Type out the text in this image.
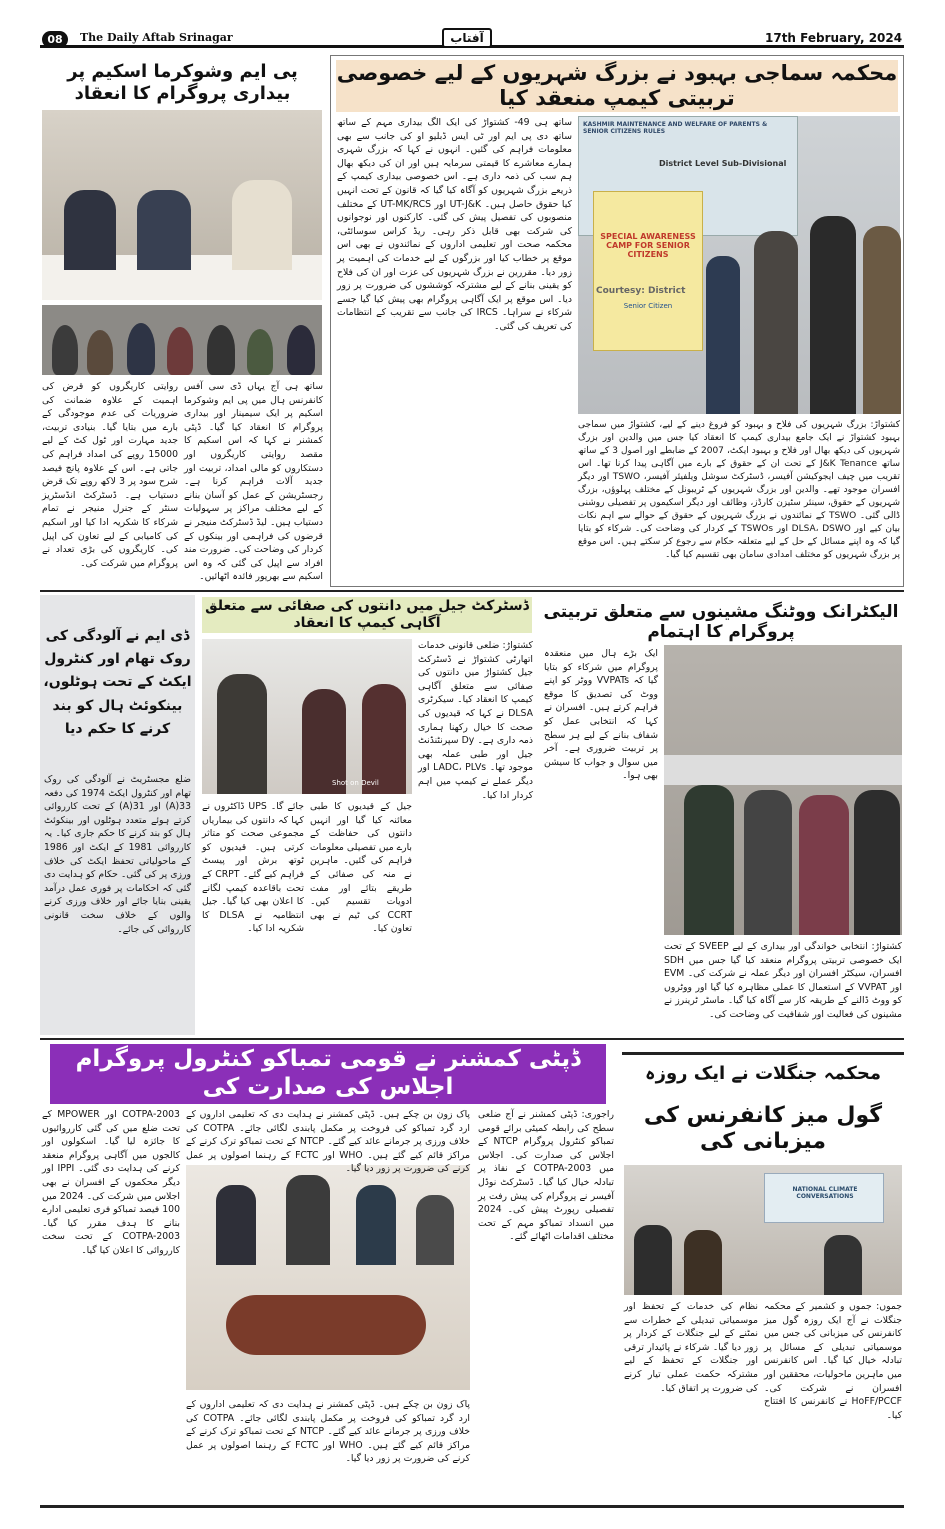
08	The Daily Aftab Srinagar	آفتاب	17th February, 2024
محکمہ سماجی بہبود نے بزرگ شہریوں کے لیے خصوصی تربیتی کیمپ منعقد کیا
KASHMIR MAINTENANCE AND WELFARE OF PARENTS & SENIOR CITIZENS RULES
District Level Sub-Divisional
SPECIAL AWARENESS CAMP FOR SENIOR CITIZENS
Senior Citizen
Courtesy: District
کشتواڑ: بزرگ شہریوں کی فلاح و بہبود کو فروغ دینے کے لیے، کشتواڑ میں سماجی بہبود کشتواڑ نے ایک جامع بیداری کیمپ کا انعقاد کیا جس میں والدین اور بزرگ شہریوں کی دیکھ بھال اور فلاح و بہبود ایکٹ، 2007 کے ضابطے اور اصول 3 کے ساتھ ساتھ J&K Tenance کے تحت ان کے حقوق کے بارے میں آگاہی پیدا کرنا تھا۔ اس تقریب میں چیف ایجوکیشن آفیسر، ڈسٹرکٹ سوشل ویلفیئر آفیسر، TSWO اور دیگر افسران موجود تھے۔ والدین اور بزرگ شہریوں کے ٹریبونل کے مختلف پہلوؤں، بزرگ شہریوں کے حقوق، سینئر سٹیزن کارڈز، وظائف اور دیگر اسکیموں پر تفصیلی روشنی ڈالی گئی۔ TSWO کے نمائندوں نے بزرگ شہریوں کے حقوق کے حوالے سے اہم نکات بیان کیے اور DLSA، DSWO اور TSWOs کے کردار کی وضاحت کی۔ شرکاء کو بتایا گیا کہ وہ اپنے مسائل کے حل کے لیے متعلقہ حکام سے رجوع کر سکتے ہیں۔ اس موقع پر بزرگ شہریوں کو مختلف امدادی سامان بھی تقسیم کیا گیا۔
ساتھ ہی 49- کشتواڑ کی ایک الگ بیداری مہم کے ساتھ ساتھ دی پی ایم اور ٹی ایس ڈبلیو او کی جانب سے بھی معلومات فراہم کی گئیں۔ انہوں نے کہا کہ بزرگ شہری ہمارے معاشرے کا قیمتی سرمایہ ہیں اور ان کی دیکھ بھال ہم سب کی ذمہ داری ہے۔ اس خصوصی بیداری کیمپ کے ذریعے بزرگ شہریوں کو آگاہ کیا گیا کہ قانون کے تحت انہیں کیا حقوق حاصل ہیں۔ UT-J&K اور UT-MK/RCS کے مختلف منصوبوں کی تفصیل پیش کی گئی۔ کارکنوں اور نوجوانوں کی شرکت بھی قابل ذکر رہی۔ ریڈ کراس سوسائٹی، محکمہ صحت اور تعلیمی اداروں کے نمائندوں نے بھی اس موقع پر خطاب کیا اور بزرگوں کے لیے خدمات کی اہمیت پر زور دیا۔ مقررین نے بزرگ شہریوں کی عزت اور ان کی فلاح کو یقینی بنانے کے لیے مشترکہ کوششوں کی ضرورت پر زور دیا۔ اس موقع پر ایک آگاہی پروگرام بھی پیش کیا گیا جسے شرکاء نے سراہا۔ IRCS کی جانب سے تقریب کے انتظامات کی تعریف کی گئی۔
پی ایم وشوکرما اسکیم پر بیداری پروگرام کا انعقاد
ساتھ ہی آج یہاں ڈی سی آفس کانفرنس ہال میں پی ایم وشوکرما اسکیم پر ایک سیمینار اور بیداری پروگرام کا انعقاد کیا گیا۔ ڈپٹی کمشنر نے کہا کہ اس اسکیم کا مقصد روایتی کاریگروں اور دستکاروں کو مالی امداد، تربیت اور جدید آلات فراہم کرنا ہے۔ رجسٹریشن کے عمل کو آسان بنانے کے لیے مختلف مراکز پر سہولیات دستیاب ہیں۔ لیڈ ڈسٹرکٹ منیجر نے قرضوں کی فراہمی اور بینکوں کے کردار کی وضاحت کی۔ ضرورت مند افراد سے اپیل کی گئی کہ وہ اس اسکیم سے بھرپور فائدہ اٹھائیں۔
روایتی کاریگروں کو قرض کی اہمیت کے علاوہ ضمانت کی ضروریات کی عدم موجودگی کے بارے میں بتایا گیا۔ بنیادی تربیت، جدید مہارت اور ٹول کٹ کے لیے 15000 روپے کی امداد فراہم کی جاتی ہے۔ اس کے علاوہ پانچ فیصد شرح سود پر 3 لاکھ روپے تک قرض دستیاب ہے۔ ڈسٹرکٹ انڈسٹریز سنٹر کے جنرل منیجر نے تمام شرکاء کا شکریہ ادا کیا اور اسکیم کی کامیابی کے لیے تعاون کی اپیل کی۔ کاریگروں کی بڑی تعداد نے پروگرام میں شرکت کی۔
الیکٹرانک ووٹنگ مشینوں سے متعلق تربیتی پروگرام کا اہتمام
کشتواڑ: انتخابی خواندگی اور بیداری کے لیے SVEEP کے تحت ایک خصوصی تربیتی پروگرام منعقد کیا گیا جس میں SDH افسران، سیکٹر افسران اور دیگر عملہ نے شرکت کی۔ EVM اور VVPAT کے استعمال کا عملی مظاہرہ کیا گیا اور ووٹروں کو ووٹ ڈالنے کے طریقہ کار سے آگاہ کیا گیا۔ ماسٹر ٹرینرز نے مشینوں کی فعالیت اور شفافیت کی وضاحت کی۔
ایک بڑے ہال میں منعقدہ پروگرام میں شرکاء کو بتایا گیا کہ VVPATs ووٹر کو اپنے ووٹ کی تصدیق کا موقع فراہم کرتے ہیں۔ افسران نے کہا کہ انتخابی عمل کو شفاف بنانے کے لیے ہر سطح پر تربیت ضروری ہے۔ آخر میں سوال و جواب کا سیشن بھی ہوا۔
ڈسٹرکٹ جیل میں دانتوں کی صفائی سے متعلق آگاہی کیمپ کا انعقاد
Shot on Devil
کشتواڑ: ضلعی قانونی خدمات اتھارٹی کشتواڑ نے ڈسٹرکٹ جیل کشتواڑ میں دانتوں کی صفائی سے متعلق آگاہی کیمپ کا انعقاد کیا۔ سیکرٹری DLSA نے کہا کہ قیدیوں کی صحت کا خیال رکھنا ہماری ذمہ داری ہے۔ Dy سپرنٹنڈنٹ جیل اور طبی عملہ بھی موجود تھا۔ LADC، PLVs اور دیگر عملے نے کیمپ میں اہم کردار ادا کیا۔
جیل کے قیدیوں کا طبی معائنہ کیا گیا اور انہیں دانتوں کی حفاظت کے بارے میں تفصیلی معلومات فراہم کی گئیں۔ ماہرین نے منہ کی صفائی کے طریقے بتائے اور مفت ادویات تقسیم کیں۔ CCRT کی ٹیم نے بھی تعاون کیا۔
جائے گا۔ UPS ڈاکٹروں نے کہا کہ دانتوں کی بیماریاں مجموعی صحت کو متاثر کرتی ہیں۔ قیدیوں کو ٹوتھ برش اور پیسٹ فراہم کیے گئے۔ CRPT کے تحت باقاعدہ کیمپ لگانے کا اعلان بھی کیا گیا۔ جیل انتظامیہ نے DLSA کا شکریہ ادا کیا۔
ڈی ایم نے آلودگی کی روک تھام اور کنٹرول ایکٹ کے تحت ہوٹلوں، بینکوئٹ ہال کو بند کرنے کا حکم دیا
ضلع مجسٹریٹ نے آلودگی کی روک تھام اور کنٹرول ایکٹ 1974 کی دفعہ 33(A) اور 31(A) کے تحت کارروائی کرتے ہوئے متعدد ہوٹلوں اور بینکوئٹ ہال کو بند کرنے کا حکم جاری کیا۔ یہ کارروائی 1981 کے ایکٹ اور 1986 کے ماحولیاتی تحفظ ایکٹ کی خلاف ورزی پر کی گئی۔ حکام کو ہدایت دی گئی کہ احکامات پر فوری عمل درآمد یقینی بنایا جائے اور خلاف ورزی کرنے والوں کے خلاف سخت قانونی کارروائی کی جائے۔
ڈپٹی کمشنر نے قومی تمباکو کنٹرول پروگرام اجلاس کی صدارت کی
راجوری: ڈپٹی کمشنر نے آج ضلعی سطح کی رابطہ کمیٹی برائے قومی تمباکو کنٹرول پروگرام NTCP کے اجلاس کی صدارت کی۔ اجلاس میں COTPA-2003 کے نفاذ پر تبادلہ خیال کیا گیا۔ ڈسٹرکٹ نوڈل آفیسر نے پروگرام کی پیش رفت پر تفصیلی رپورٹ پیش کی۔ 2024 میں انسداد تمباکو مہم کے تحت مختلف اقدامات اٹھائے گئے۔
پاک زون بن چکے ہیں۔ ڈپٹی کمشنر نے ہدایت دی کہ تعلیمی اداروں کے ارد گرد تمباکو کی فروخت پر مکمل پابندی لگائی جائے۔ COTPA کی خلاف ورزی پر جرمانے عائد کیے گئے۔ NTCP کے تحت تمباکو ترک کرنے کے مراکز قائم کیے گئے ہیں۔ WHO اور FCTC کے رہنما اصولوں پر عمل کرنے کی ضرورت پر زور دیا گیا۔
2003-COTPA اور MPOWER کے تحت ضلع میں کی گئی کارروائیوں کا جائزہ لیا گیا۔ اسکولوں اور کالجوں میں آگاہی پروگرام منعقد کرنے کی ہدایت دی گئی۔ IPPI اور دیگر محکموں کے افسران نے بھی اجلاس میں شرکت کی۔ 2024 میں 100 فیصد تمباکو فری تعلیمی ادارے بنانے کا ہدف مقرر کیا گیا۔ COTPA-2003 کے تحت سخت کارروائی کا اعلان کیا گیا۔
پاک زون بن چکے ہیں۔ ڈپٹی کمشنر نے ہدایت دی کہ تعلیمی اداروں کے ارد گرد تمباکو کی فروخت پر مکمل پابندی لگائی جائے۔ COTPA کی خلاف ورزی پر جرمانے عائد کیے گئے۔ NTCP کے تحت تمباکو ترک کرنے کے مراکز قائم کیے گئے ہیں۔ WHO اور FCTC کے رہنما اصولوں پر عمل کرنے کی ضرورت پر زور دیا گیا۔
محکمہ جنگلات نے ایک روزہ
گول میز کانفرنس کی میزبانی کی
NATIONAL CLIMATE CONVERSATIONS
جموں: جموں و کشمیر کے محکمہ جنگلات نے آج ایک روزہ گول میز کانفرنس کی میزبانی کی جس میں موسمیاتی تبدیلی کے مسائل پر تبادلہ خیال کیا گیا۔ اس کانفرنس میں ماہرین ماحولیات، محققین اور افسران نے شرکت کی۔ HoFF/PCCF نے کانفرنس کا افتتاح کیا۔
نظام کی خدمات کے تحفظ اور موسمیاتی تبدیلی کے خطرات سے نمٹنے کے لیے جنگلات کے کردار پر زور دیا گیا۔ شرکاء نے پائیدار ترقی اور جنگلات کے تحفظ کے لیے مشترکہ حکمت عملی تیار کرنے کی ضرورت پر اتفاق کیا۔
